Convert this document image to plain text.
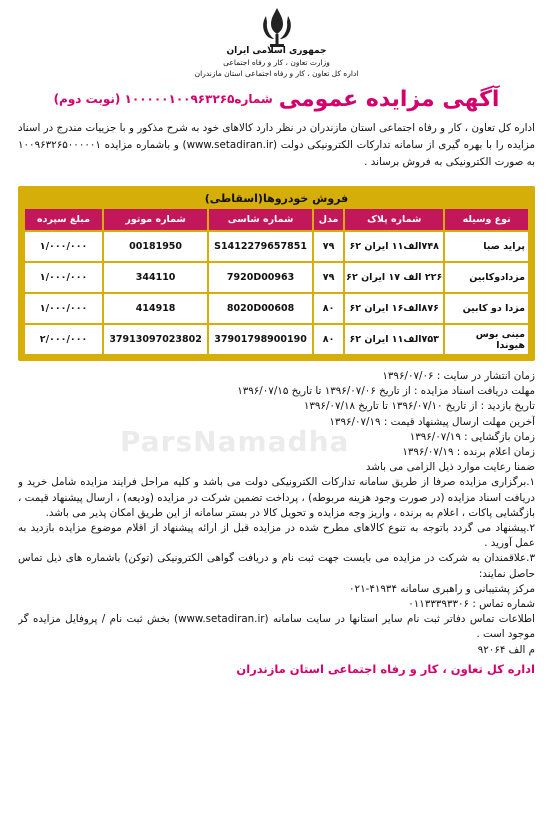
جمهوری اسلامی ایران
وزارت تعاون ، کار و رفاه اجتماعی
اداره کل تعاون ، کار و رفاه اجتماعی استان مازندران
آگهی مزایده عمومی
شماره۱۰۰۰۰۰۱۰۰۹۶۳۲۶۵ (نوبت دوم)
اداره کل تعاون ، کار و رفاه اجتماعی استان مازندران در نظر دارد کالاهای خود به شرح مذکور و با جزییات مندرج در اسناد مزایده را با بهره گیری از سامانه تدارکات الکترونیکی دولت (www.setadiran.ir) و باشماره مزایده ۱۰۰۹۶۳۲۶۵۰۰۰۰۰۱ به صورت الکترونیکی به فروش برساند .
فروش خودروها(اسقاطی)
نوع وسیله	شماره پلاک	مدل	شماره شاسی	شماره موتور	مبلغ سپرده
پراید صبا	۷۴۸الف۱۱ ایران ۶۲	۷۹	S1412279657851	00181950	۱/۰۰۰/۰۰۰
مزدادوکابین	۲۲۶ الف ۱۷ ایران ۶۲	۷۹	7920D00963	344110	۱/۰۰۰/۰۰۰
مزدا دو کابین	۸۷۶الف۱۶ ایران ۶۲	۸۰	8020D00608	414918	۱/۰۰۰/۰۰۰
مینی بوس هیوندا	۷۵۳الف۱۱ ایران ۶۲	۸۰	37901798900190	37913097023802	۲/۰۰۰/۰۰۰
زمان انتشار در سایت : ۱۳۹۶/۰۷/۰۶
مهلت دریافت اسناد مزایده : از تاریخ ۱۳۹۶/۰۷/۰۶ تا تاریخ ۱۳۹۶/۰۷/۱۵
تاریخ بازدید : از تاریخ ۱۳۹۶/۰۷/۱۰ تا تاریخ ۱۳۹۶/۰۷/۱۸
آخرین مهلت ارسال پیشنهاد قیمت : ۱۳۹۶/۰۷/۱۹
زمان بازگشایی : ۱۳۹۶/۰۷/۱۹
زمان اعلام برنده : ۱۳۹۶/۰۷/۱۹
ضمنا رعایت موارد ذیل الزامی می باشد
۱.برگزاری مزایده صرفا از طریق سامانه تدارکات الکترونیکی دولت می باشد و کلیه مراحل فرایند مزایده شامل خرید و دریافت اسناد مزایده (در صورت وجود هزینه مربوطه) ، پرداخت تضمین شرکت در مزایده (ودیعه) ، ارسال پیشنهاد قیمت ، بازگشایی پاکات ، اعلام به برنده ، واریز وجه مزایده و تحویل کالا در بستر سامانه از این طریق امکان پذیر می باشد.
۲.پیشنهاد می گردد باتوجه به تنوع کالاهای مطرح شده در مزایده قبل از ارائه پیشنهاد از اقلام موضوع مزایده بازدید به عمل آورید .
۳.علاقمندان به شرکت در مزایده می بایست جهت ثبت نام و دریافت گواهی الکترونیکی (توکن) باشماره های ذیل تماس حاصل نمایند:
مرکز پشتیبانی و راهبری سامانه ۴۱۹۳۴-۰۲۱
شماره تماس : ۰۱۱۳۳۳۹۳۳۰۶
اطلاعات تماس دفاتر ثبت نام سایر استانها در سایت سامانه (www.setadiran.ir) بخش ثبت نام / پروفایل مزایده گر موجود است .
م الف ۹۲۰۶۴
اداره کل تعاون ، کار و رفاه اجتماعی استان مازندران
ParsNamadha
